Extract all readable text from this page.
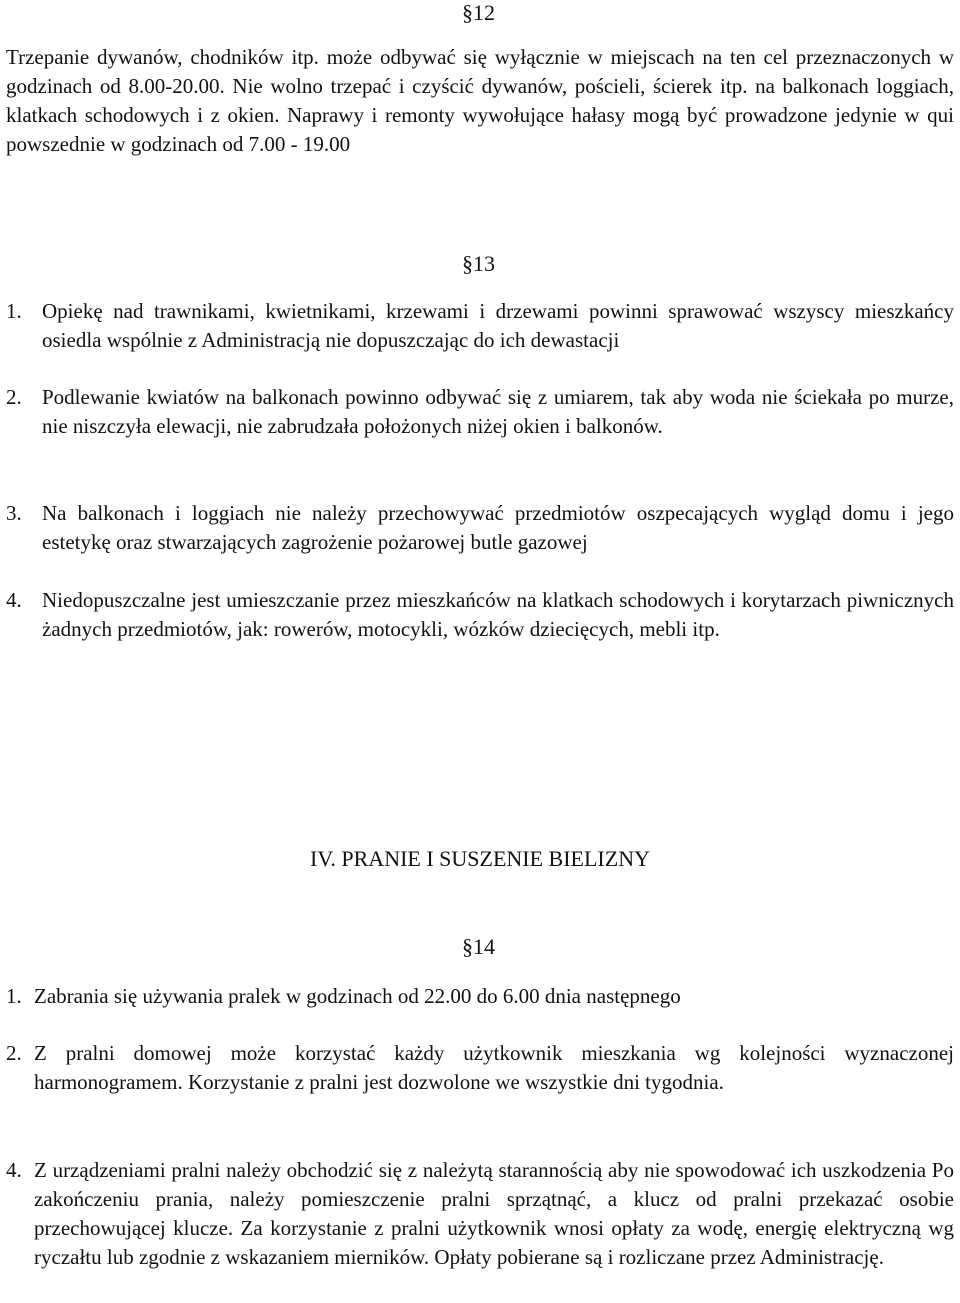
§12
Trzepanie dywanów, chodników itp. może odbywać się wyłącznie w miejscach na ten cel przeznaczonych w godzinach od 8.00-20.00. Nie wolno trzepać i czyścić dywanów, pościeli, ścierek itp. na balkonach loggiach, klatkach schodowych i z okien. Naprawy i remonty wywołujące hałasy mogą być prowadzone jedynie w qui powszednie w godzinach od 7.00 - 19.00
§13
1. Opiekę nad trawnikami, kwietnikami, krzewami i drzewami powinni sprawować wszyscy mieszkańcy osiedla wspólnie z Administracją nie dopuszczając do ich dewastacji
2. Podlewanie kwiatów na balkonach powinno odbywać się z umiarem, tak aby woda nie ściekała po murze, nie niszczyła elewacji, nie zabrudzała położonych niżej okien i balkonów.
3. Na balkonach i loggiach nie należy przechowywać przedmiotów oszpecających wygląd domu i jego estetykę oraz stwarzających zagrożenie pożarowej butle gazowej
4. Niedopuszczalne jest umieszczanie przez mieszkańców na klatkach schodowych i korytarzach piwnicznych żadnych przedmiotów, jak: rowerów, motocykli, wózków dziecięcych, mebli itp.
IV. PRANIE I SUSZENIE BIELIZNY
§14
1. Zabrania się używania pralek w godzinach od 22.00 do 6.00 dnia następnego
2. Z pralni domowej może korzystać każdy użytkownik mieszkania wg kolejności wyznaczonej harmonogramem. Korzystanie z pralni jest dozwolone we wszystkie dni tygodnia.
4. Z urządzeniami pralni należy obchodzić się z należytą starannością aby nie spowodować ich uszkodzenia Po zakończeniu prania, należy pomieszczenie pralni sprzątnąć, a klucz od pralni przekazać osobie przechowującej klucze. Za korzystanie z pralni użytkownik wnosi opłaty za wodę, energię elektryczną wg ryczałtu lub zgodnie z wskazaniem mierników. Opłaty pobierane są i rozliczane przez Administrację.
